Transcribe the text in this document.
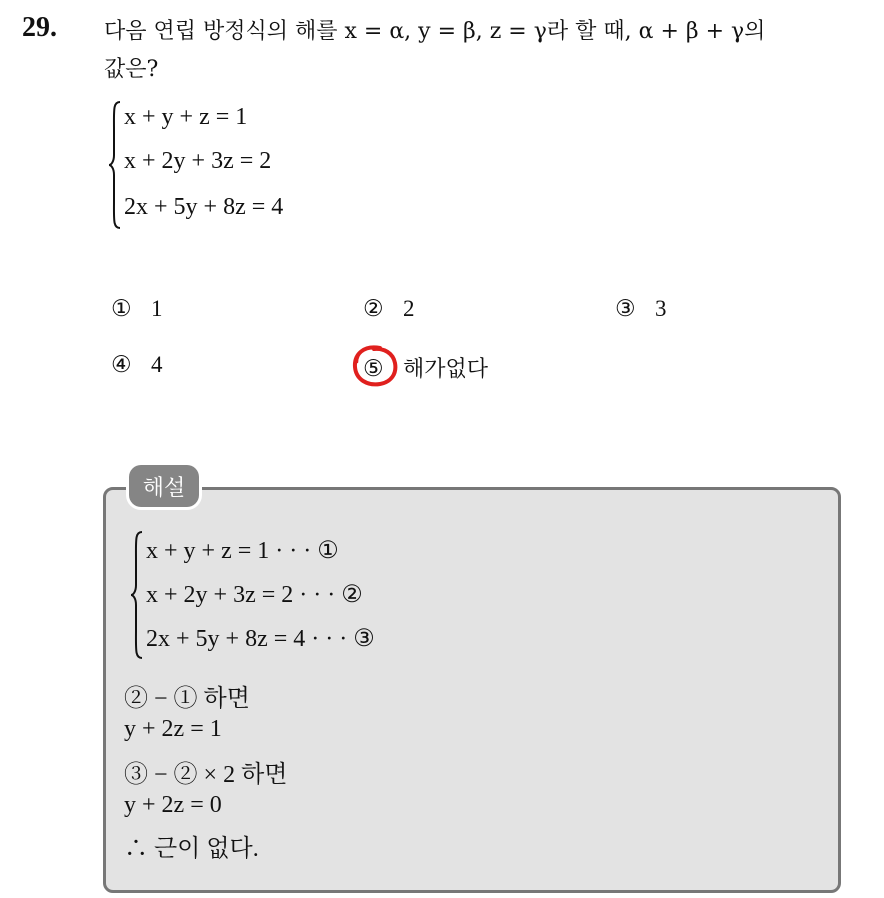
29. 다음 연립 방정식의 해를 x = α, y = β, z = γ라 할 때, α + β + γ의
값은?
x + y + z = 1
x + 2y + 3z = 2
2x + 5y + 8z = 4
① 1	② 2	③ 3
④ 4	⑤ 해가없다
해설
x + y + z = 1 · · · ①
x + 2y + 3z = 2 · · · ②
2x + 5y + 8z = 4 · · · ③
② − ① 하면
y + 2z = 1
③ − ② × 2 하면
y + 2z = 0
∴ 근이 없다.
